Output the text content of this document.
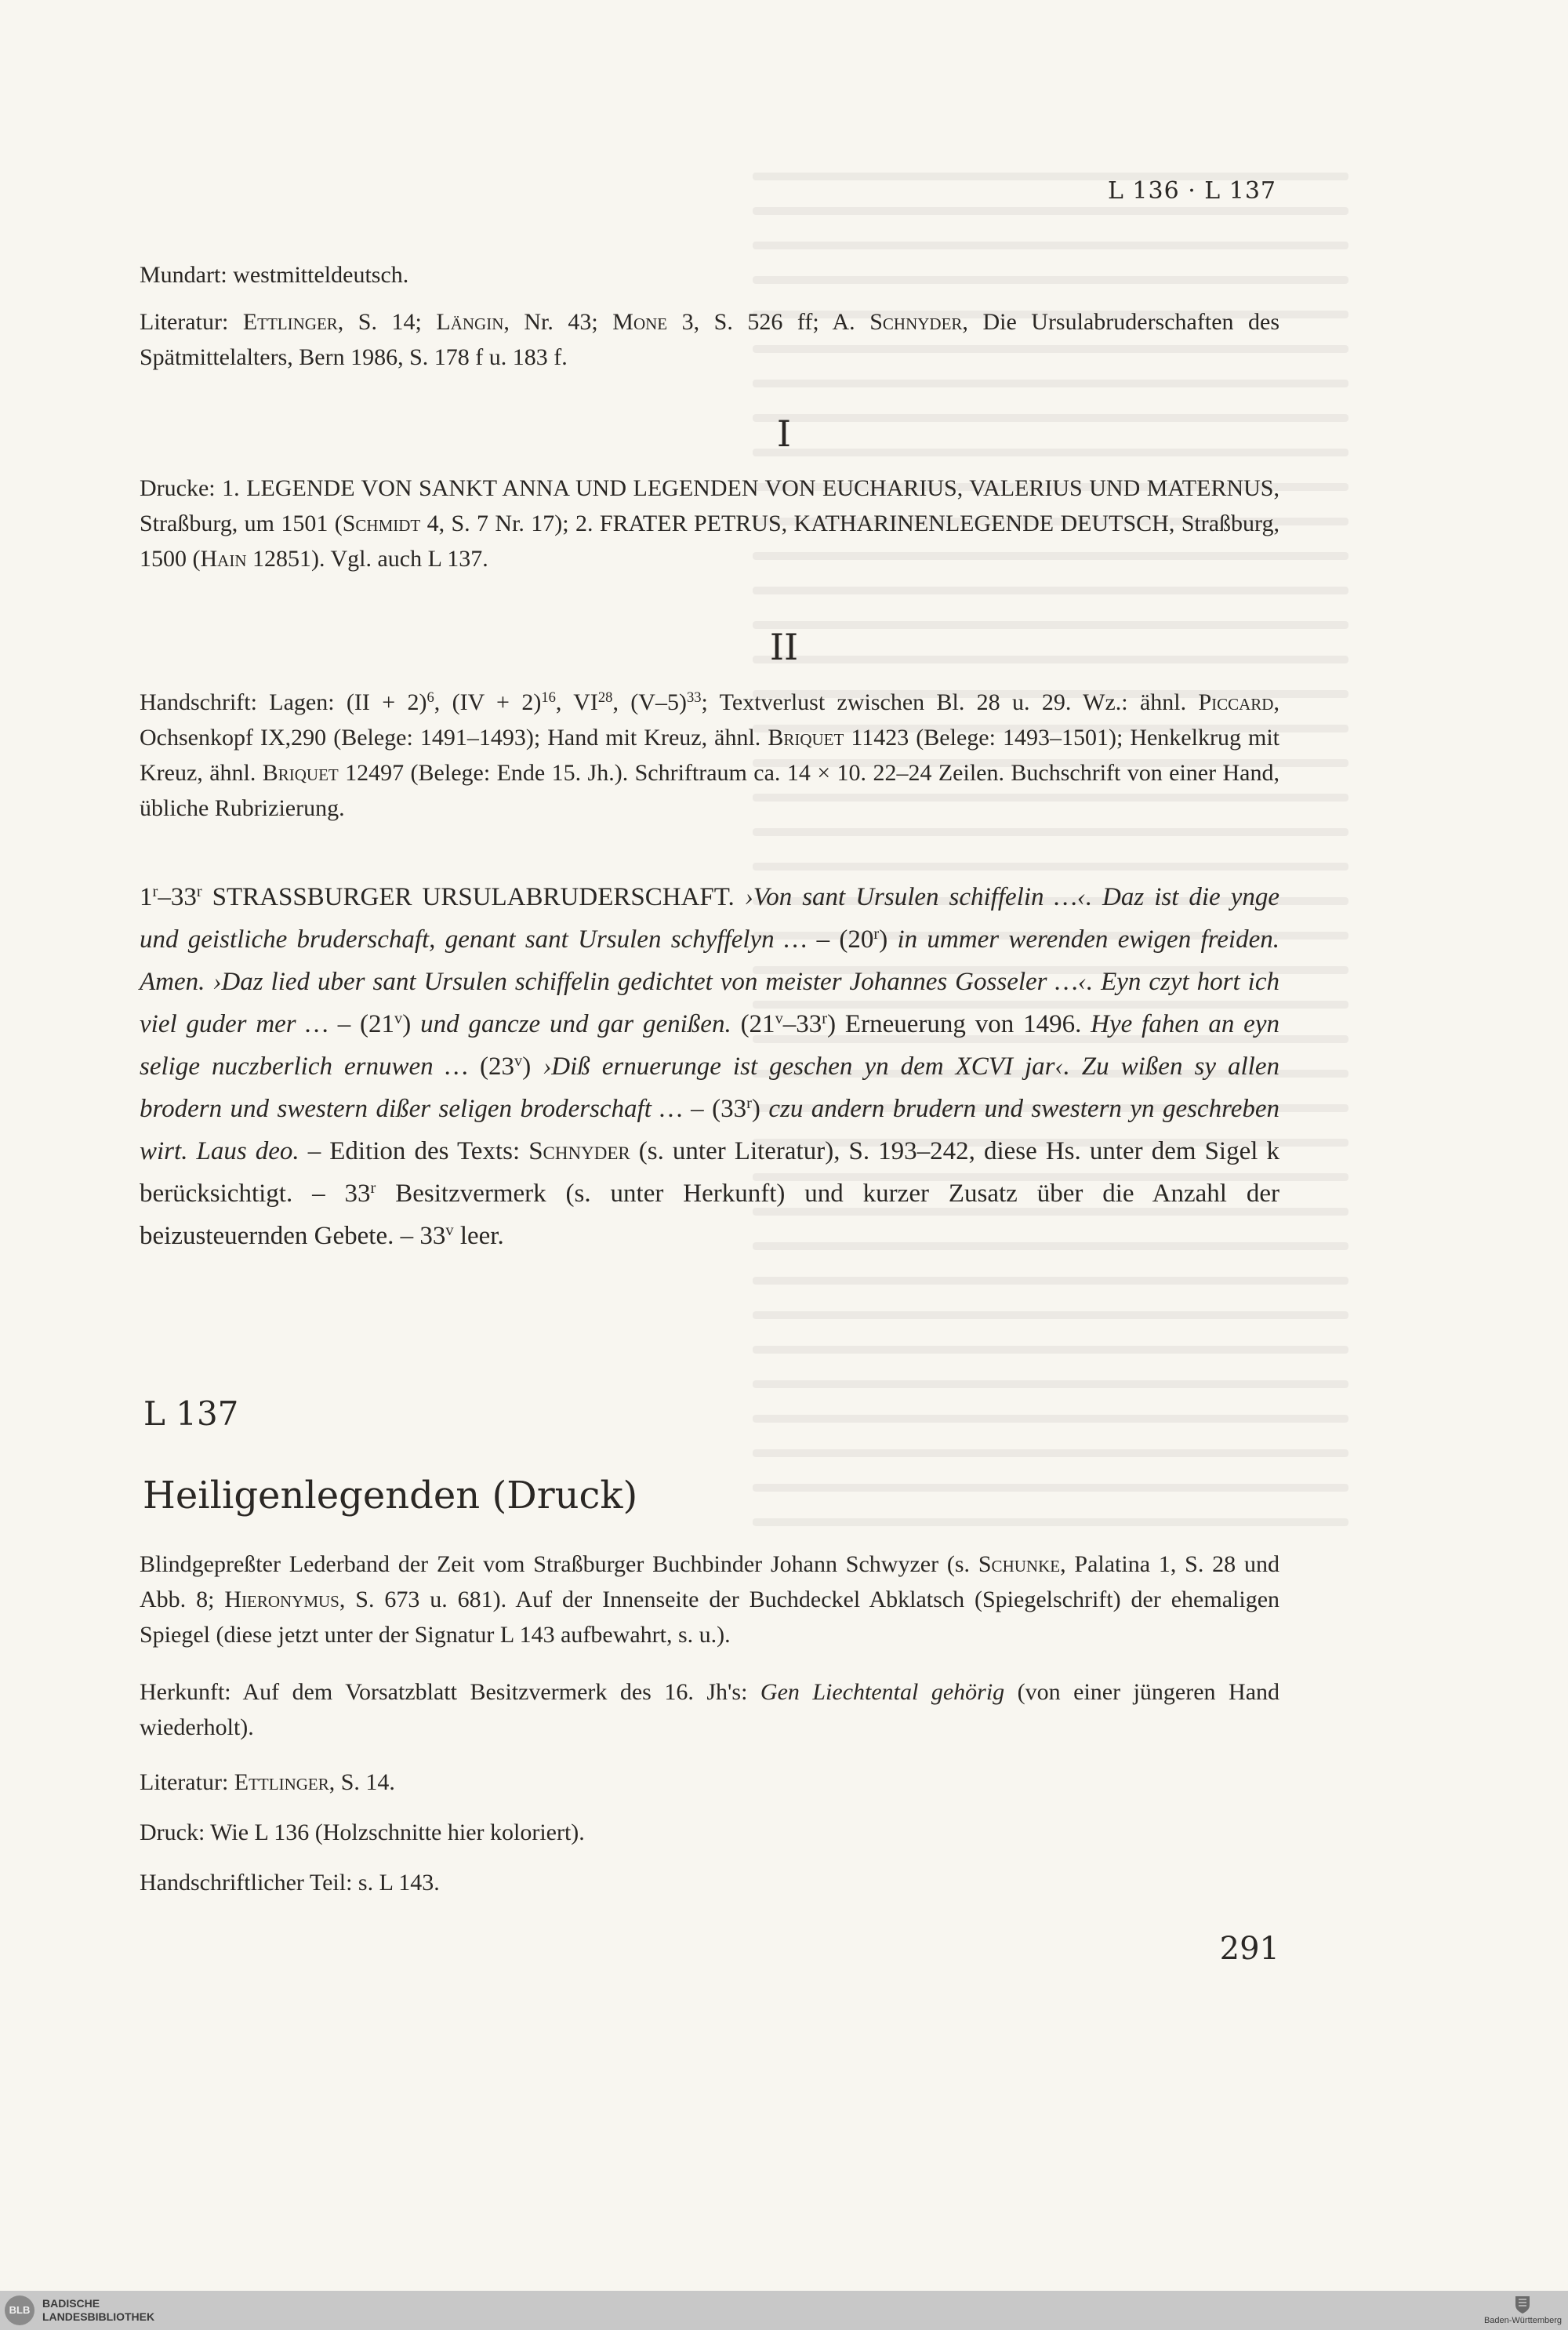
L 136 · L 137
Mundart: westmitteldeutsch.
Literatur: Ettlinger, S. 14; Längin, Nr. 43; Mone 3, S. 526 ff; A. Schnyder, Die Ursulabruderschaften des Spätmittelalters, Bern 1986, S. 178 f u. 183 f.
I
Drucke: 1. LEGENDE VON SANKT ANNA UND LEGENDEN VON EUCHARIUS, VALERIUS UND MATERNUS, Straßburg, um 1501 (Schmidt 4, S. 7 Nr. 17); 2. FRATER PETRUS, KATHARINENLEGENDE DEUTSCH, Straßburg, 1500 (Hain 12851). Vgl. auch L 137.
II
Handschrift: Lagen: (II + 2)$^6$, (IV + 2)$^{16}$, VI$^{28}$, $(V-5)^{33}$; Textverlust zwischen Bl. 28 u. 29. Wz.: ähnl. Piccard, Ochsenkopf IX,290 (Belege: 1491–1493); Hand mit Kreuz, ähnl. Briquet 11423 (Belege: 1493–1501); Henkelkrug mit Kreuz, ähnl. Briquet 12497 (Belege: Ende 15. Jh.). Schriftraum ca. 14 × 10. 22–24 Zeilen. Buchschrift von einer Hand, übliche Rubrizierung.
1$^r$–33$^r$ STRASSBURGER URSULABRUDERSCHAFT. ›Von sant Ursulen schiffelin …‹. Daz ist die ynge und geistliche bruderschaft, genant sant Ursulen schyffelyn … – (20$^r$) in ummer werenden ewigen freiden. Amen. ›Daz lied uber sant Ursulen schiffelin gedichtet von meister Johannes Gosseler …‹. Eyn czyt hort ich viel guder mer … – (21$^v$) und gancze und gar genißen. (21$^v$–33$^r$) Erneuerung von 1496. Hye fahen an eyn selige nuczberlich ernuwen … (23$^v$) ›Diß ernuerunge ist geschen yn dem XCVI jar‹. Zu wißen sy allen brodern und swestern dißer seligen broderschaft … – (33$^r$) czu andern brudern und swestern yn geschreben wirt. Laus deo. – Edition des Texts: Schnyder (s. unter Literatur), S. 193–242, diese Hs. unter dem Sigel k berücksichtigt. – 33$^r$ Besitzvermerk (s. unter Herkunft) und kurzer Zusatz über die Anzahl der beizusteuernden Gebete. – 33$^v$ leer.
L 137
Heiligenlegenden (Druck)
Blindgepreßter Lederband der Zeit vom Straßburger Buchbinder Johann Schwyzer (s. Schunke, Palatina 1, S. 28 und Abb. 8; Hieronymus, S. 673 u. 681). Auf der Innenseite der Buchdeckel Abklatsch (Spiegelschrift) der ehemaligen Spiegel (diese jetzt unter der Signatur L 143 aufbewahrt, s. u.).
Herkunft: Auf dem Vorsatzblatt Besitzvermerk des 16. Jh's: Gen Liechtental gehörig (von einer jüngeren Hand wiederholt).
Literatur: Ettlinger, S. 14.
Druck: Wie L 136 (Holzschnitte hier koloriert).
Handschriftlicher Teil: s. L 143.
291
BLB
BADISCHE
LANDESBIBLIOTHEK	Baden-Württemberg
